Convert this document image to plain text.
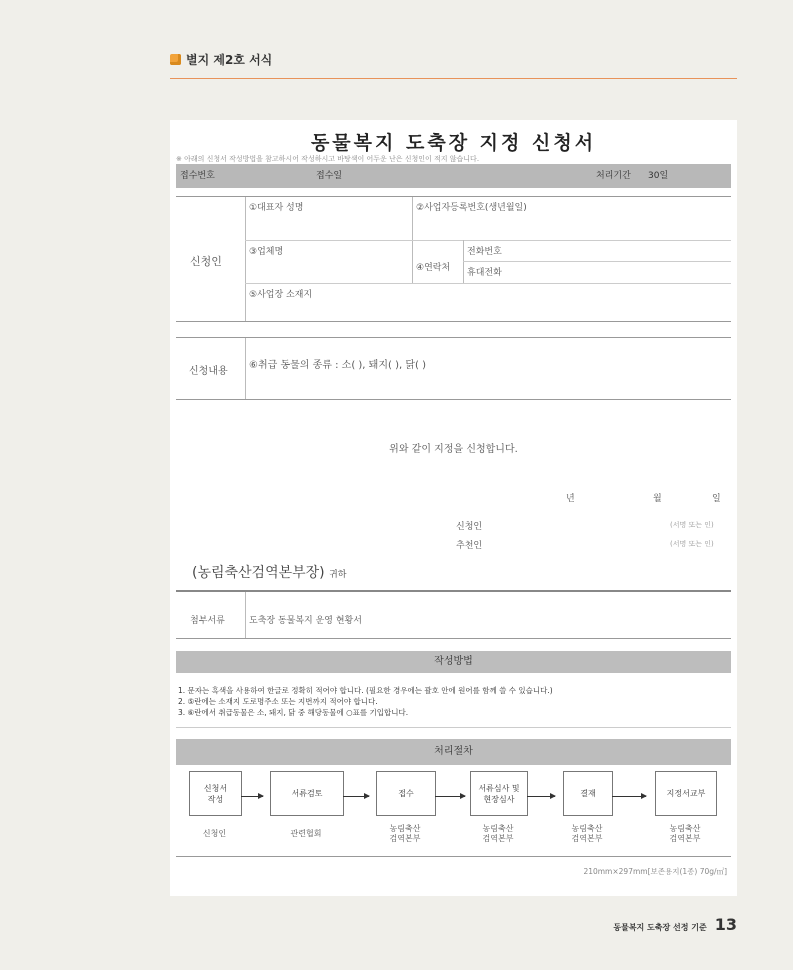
별지 제2호 서식
동물복지 도축장 지정 신청서
※ 아래의 신청서 작성방법을 참고하시어 작성하시고 바탕색이 어두운 난은 신청인이 적지 않습니다.
접수번호	접수일	처리기간 30일
신청인
①대표자 성명	②사업자등록번호(생년월일)
③업체명
④연락처
전화번호
휴대전화
⑤사업장 소재지
신청내용
⑥취급 동물의 종류 : 소( ), 돼지( ), 닭( )
위와 같이 지정을 신청합니다.
년	월	일
신청인	(서명 또는 인)
추천인	(서명 또는 인)
(농림축산검역본부장) 귀하
첨부서류	도축장 동물복지 운영 현황서
작성방법
1. 문자는 흑색을 사용하여 한글로 정확히 적어야 합니다. (필요한 경우에는 괄호 안에 원어를 함께 쓸 수 있습니다.)
2. ⑤란에는 소재지 도로명주소 또는 지번까지 적어야 합니다.
3. ⑥란에서 취급동물은 소, 돼지, 닭 중 해당동물에 ○표를 기입합니다.
처리절차
신청서
작성
서류검토	접수
서류심사 및
현장심사
결재	지정서교부
신청인	관련협회
농림축산
검역본부
농림축산
검역본부
농림축산
검역본부
농림축산
검역본부
210mm×297mm[보존용지(1종) 70g/㎡]
동물복지 도축장 선정 기준 13
